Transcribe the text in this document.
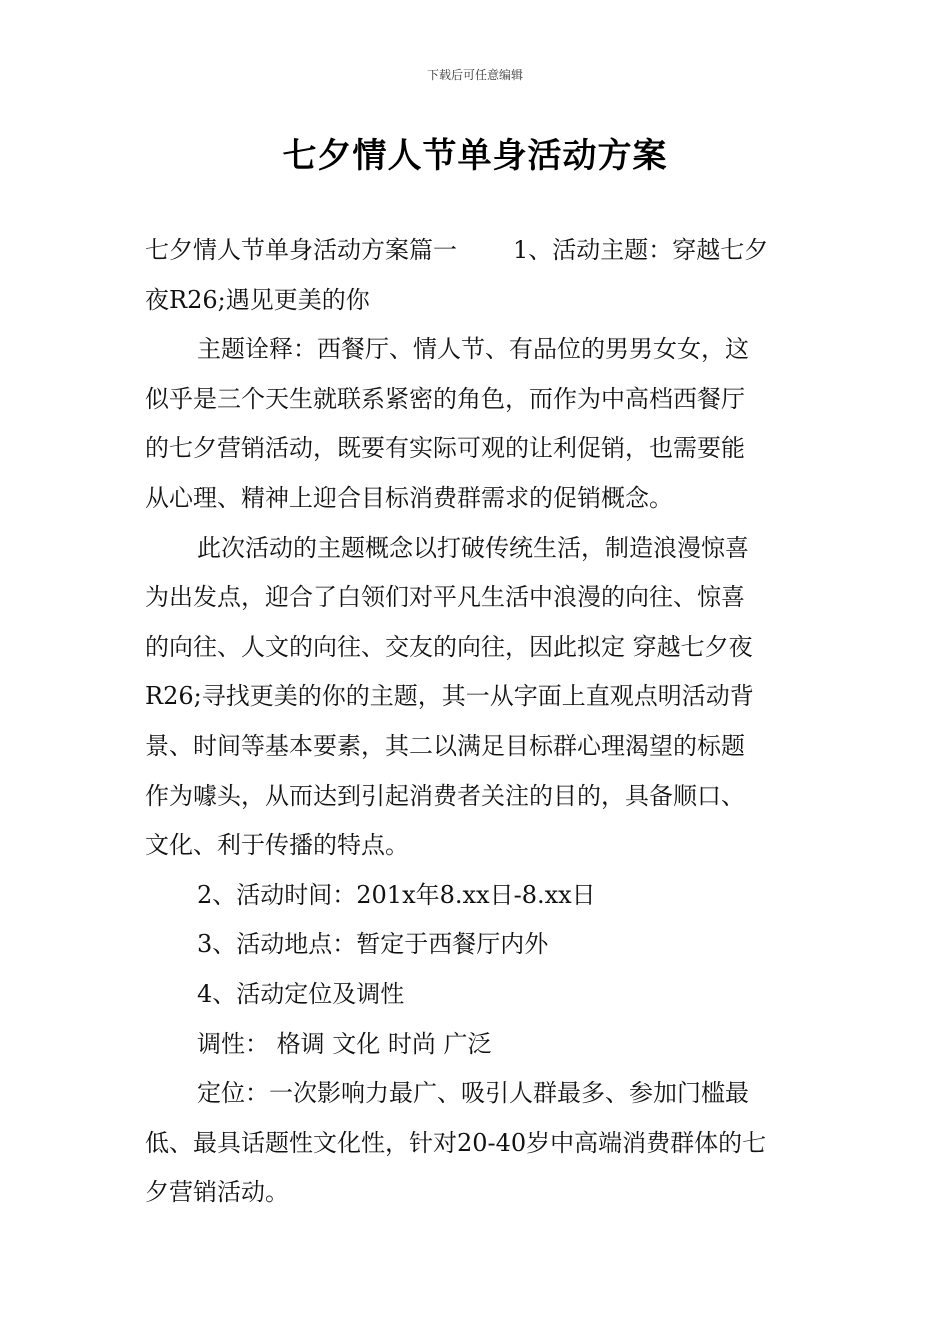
下载后可任意编辑
七夕情人节单身活动方案
七夕情人节单身活动方案篇一 1、活动主题：穿越七夕
夜R26;遇见更美的你
主题诠释：西餐厅、情人节、有品位的男男女女，这
似乎是三个天生就联系紧密的角色，而作为中高档西餐厅
的七夕营销活动，既要有实际可观的让利促销，也需要能
从心理、精神上迎合目标消费群需求的促销概念。
此次活动的主题概念以打破传统生活，制造浪漫惊喜
为出发点，迎合了白领们对平凡生活中浪漫的向往、惊喜
的向往、人文的向往、交友的向往，因此拟定 穿越七夕夜
R26;寻找更美的你的主题，其一从字面上直观点明活动背
景、时间等基本要素，其二以满足目标群心理渴望的标题
作为噱头，从而达到引起消费者关注的目的，具备顺口、
文化、利于传播的特点。
2、活动时间：201x年8.xx日-8.xx日
3、活动地点：暂定于西餐厅内外
4、活动定位及调性
调性： 格调 文化 时尚 广泛
定位：一次影响力最广、吸引人群最多、参加门槛最
低、最具话题性文化性，针对20-40岁中高端消费群体的七
夕营销活动。
